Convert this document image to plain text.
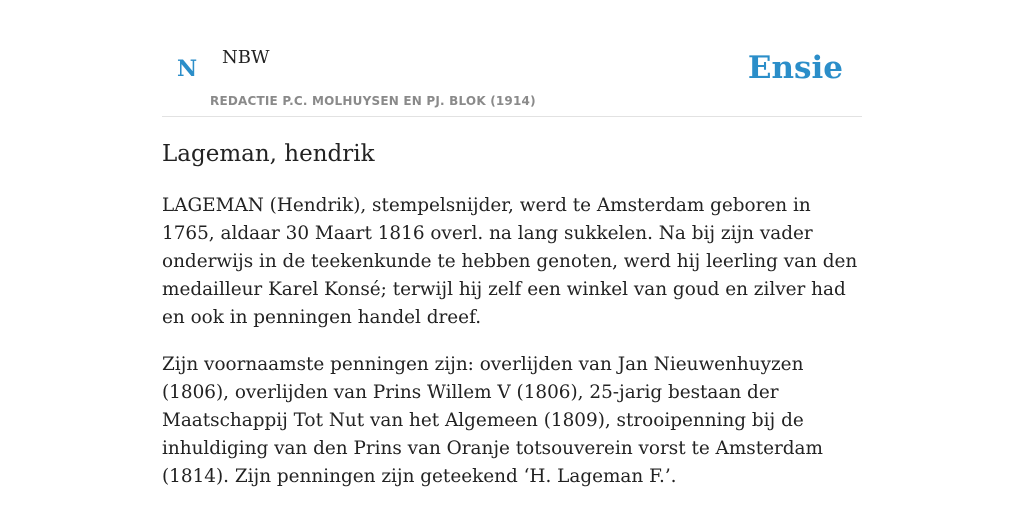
N NBW
REDACTIE P.C. MOLHUYSEN EN PJ. BLOK (1914)
Ensie
Lageman, hendrik

LAGEMAN (Hendrik), stempelsnijder, werd te Amsterdam geboren in 1765, aldaar 30 Maart 1816 overl. na lang sukkelen. Na bij zijn vader onderwijs in de teekenkunde te hebben genoten, werd hij leerling van den medailleur Karel Konsé; terwijl hij zelf een winkel van goud en zilver had en ook in penningen handel dreef.

Zijn voornaamste penningen zijn: overlijden van Jan Nieuwenhuyzen (1806), overlijden van Prins Willem V (1806), 25-jarig bestaan der Maatschappij Tot Nut van het Algemeen (1809), strooipenning bij de inhuldiging van den Prins van Oranje totsouverein vorst te Amsterdam (1814). Zijn penningen zijn geteekend ‘H. Lageman F.’.
